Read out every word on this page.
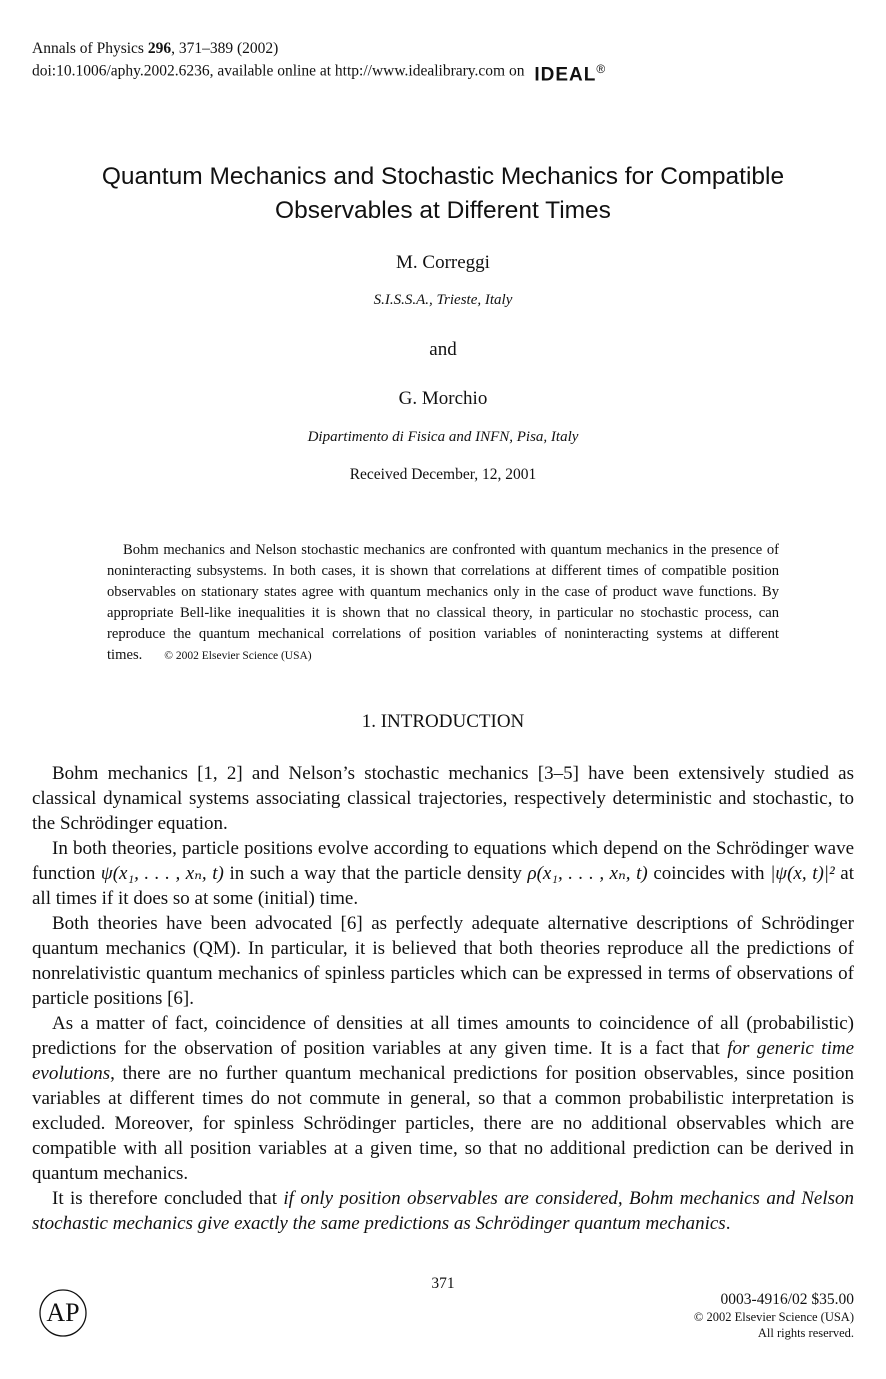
Annals of Physics 296, 371–389 (2002)
doi:10.1006/aphy.2002.6236, available online at http://www.idealibrary.com on IDEAL®
Quantum Mechanics and Stochastic Mechanics for Compatible Observables at Different Times
M. Correggi
S.I.S.S.A., Trieste, Italy
and
G. Morchio
Dipartimento di Fisica and INFN, Pisa, Italy
Received December, 12, 2001
Bohm mechanics and Nelson stochastic mechanics are confronted with quantum mechanics in the presence of noninteracting subsystems. In both cases, it is shown that correlations at different times of compatible position observables on stationary states agree with quantum mechanics only in the case of product wave functions. By appropriate Bell-like inequalities it is shown that no classical theory, in particular no stochastic process, can reproduce the quantum mechanical correlations of position variables of noninteracting systems at different times. © 2002 Elsevier Science (USA)
1. INTRODUCTION

Bohm mechanics [1, 2] and Nelson’s stochastic mechanics [3–5] have been extensively studied as classical dynamical systems associating classical trajectories, respectively deterministic and stochastic, to the Schrödinger equation.

In both theories, particle positions evolve according to equations which depend on the Schrödinger wave function ψ(x₁, . . . , xₙ, t) in such a way that the particle density ρ(x₁, . . . , xₙ, t) coincides with |ψ(x, t)|² at all times if it does so at some (initial) time.

Both theories have been advocated [6] as perfectly adequate alternative descriptions of Schrödinger quantum mechanics (QM). In particular, it is believed that both theories reproduce all the predictions of nonrelativistic quantum mechanics of spinless particles which can be expressed in terms of observations of particle positions [6].

As a matter of fact, coincidence of densities at all times amounts to coincidence of all (probabilistic) predictions for the observation of position variables at any given time. It is a fact that for generic time evolutions, there are no further quantum mechanical predictions for position observables, since position variables at different times do not commute in general, so that a common probabilistic interpretation is excluded. Moreover, for spinless Schrödinger particles, there are no additional observables which are compatible with all position variables at a given time, so that no additional prediction can be derived in quantum mechanics.

It is therefore concluded that if only position observables are considered, Bohm mechanics and Nelson stochastic mechanics give exactly the same predictions as Schrödinger quantum mechanics.

371
AP	0003-4916/02 $35.00
© 2002 Elsevier Science (USA)
All rights reserved.
